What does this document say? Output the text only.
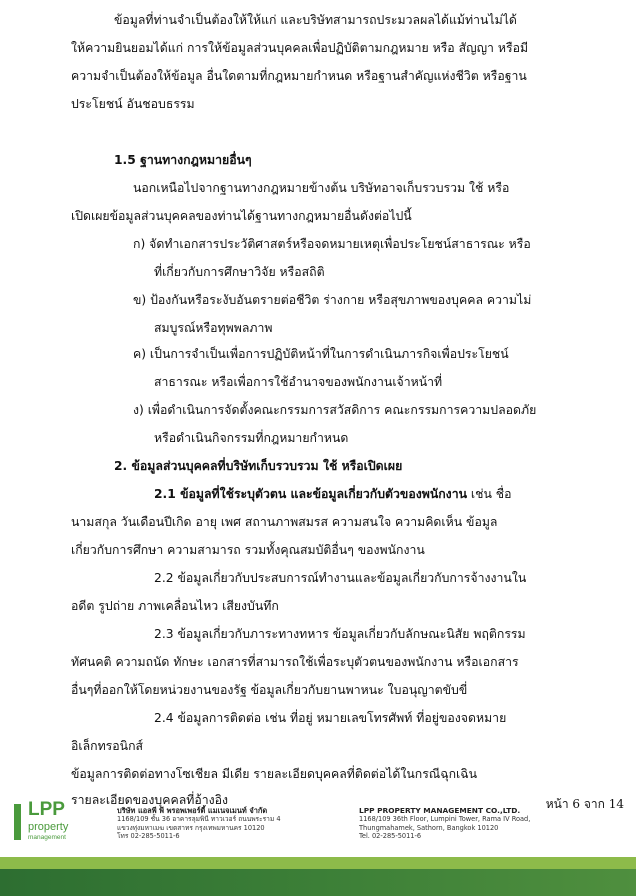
ข้อมูลที่ท่านจำเป็นต้องให้ให้แก่ และบริษัทสามารถประมวลผลได้แม้ท่านไม่ได้
ให้ความยินยอมได้แก่ การให้ข้อมูลส่วนบุคคลเพื่อปฏิบัติตามกฎหมาย หรือ สัญญา หรือมี
ความจำเป็นต้องให้ข้อมูล อื่นใดตามที่กฎหมายกำหนด หรือฐานสำคัญแห่งชีวิต หรือฐาน
ประโยชน์ อันชอบธรรม
1.5 ฐานทางกฎหมายอื่นๆ
นอกเหนือไปจากฐานทางกฎหมายข้างต้น บริษัทอาจเก็บรวบรวม ใช้ หรือ
เปิดเผยข้อมูลส่วนบุคคลของท่านได้ฐานทางกฎหมายอื่นดังต่อไปนี้
ก) จัดทำเอกสารประวัติศาสตร์หรือจดหมายเหตุเพื่อประโยชน์สาธารณะ หรือ
ที่เกี่ยวกับการศึกษาวิจัย หรือสถิติ
ข) ป้องกันหรือระงับอันตรายต่อชีวิต ร่างกาย หรือสุขภาพของบุคคล ความไม่
สมบูรณ์หรือทุพพลภาพ
ค) เป็นการจำเป็นเพื่อการปฏิบัติหน้าที่ในการดำเนินภารกิจเพื่อประโยชน์
สาธารณะ หรือเพื่อการใช้อำนาจของพนักงานเจ้าหน้าที่
ง) เพื่อดำเนินการจัดตั้งคณะกรรมการสวัสดิการ คณะกรรมการความปลอดภัย
หรือดำเนินกิจกรรมที่กฎหมายกำหนด
2. ข้อมูลส่วนบุคคลที่บริษัทเก็บรวบรวม ใช้ หรือเปิดเผย
2.1 ข้อมูลที่ใช้ระบุตัวตน และข้อมูลเกี่ยวกับตัวของพนักงาน เช่น ชื่อ
นามสกุล วันเดือนปีเกิด อายุ เพศ สถานภาพสมรส ความสนใจ ความคิดเห็น ข้อมูล
เกี่ยวกับการศึกษา ความสามารถ รวมทั้งคุณสมบัติอื่นๆ ของพนักงาน
2.2 ข้อมูลเกี่ยวกับประสบการณ์ทำงานและข้อมูลเกี่ยวกับการจ้างงานใน
อดีต รูปถ่าย ภาพเคลื่อนไหว เสียงบันทึก
2.3 ข้อมูลเกี่ยวกับภาระทางทหาร ข้อมูลเกี่ยวกับลักษณะนิสัย พฤติกรรม
ทัศนคติ ความถนัด ทักษะ เอกสารที่สามารถใช้เพื่อระบุตัวตนของพนักงาน หรือเอกสาร
อื่นๆที่ออกให้โดยหน่วยงานของรัฐ ข้อมูลเกี่ยวกับยานพาหนะ ใบอนุญาตขับขี่
2.4 ข้อมูลการติดต่อ เช่น ที่อยู่ หมายเลขโทรศัพท์ ที่อยู่ของจดหมาย
อิเล็กทรอนิกส์
ข้อมูลการติดต่อทางโซเชียล มีเดีย รายละเอียดบุคคลที่ติดต่อได้ในกรณีฉุกเฉิน
รายละเอียดของบุคคลที่อ้างอิง
LPP
property
management
บริษัท แอลพี พี พรอพเพอร์ตี้ แมเนจเมนท์ จำกัด
1168/109 ชั้น 36 อาคารลุมพินี ทาวเวอร์ ถนนพระราม 4
แขวงทุ่งมหาเมฆ เขตสาทร กรุงเทพมหานคร 10120
โทร 02-285-5011-6
LPP PROPERTY MANAGEMENT CO.,LTD.
1168/109 36th Floor, Lumpini Tower, Rama IV Road,
Thungmahamek, Sathorn, Bangkok 10120
Tel. 02-285-5011-6
หน้า 6 จาก 14
